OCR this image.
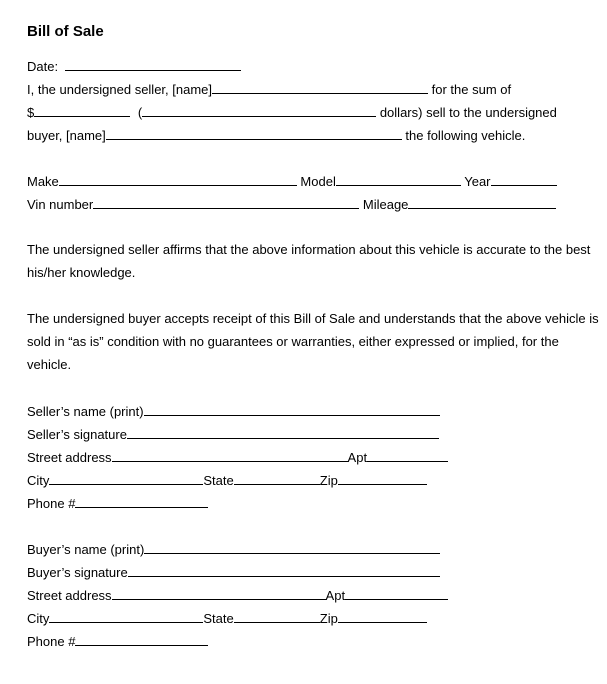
Bill of Sale
Date:
I, the undersigned seller, [name]	for the sum of
$	(	dollars) sell to the undersigned
buyer, [name]	the following vehicle.
Make	Model	Year
Vin number	Mileage
The undersigned seller affirms that the above information about this vehicle is accurate to the best his/her knowledge.
The undersigned buyer accepts receipt of this Bill of Sale and understands that the above vehicle is sold in “as is” condition with no guarantees or warranties, either expressed or implied, for the vehicle.
Seller’s name (print)
Seller’s signature
Street address	Apt
City	State	Zip
Phone #
Buyer’s name (print)
Buyer’s signature
Street address	Apt
City	State	Zip
Phone #
